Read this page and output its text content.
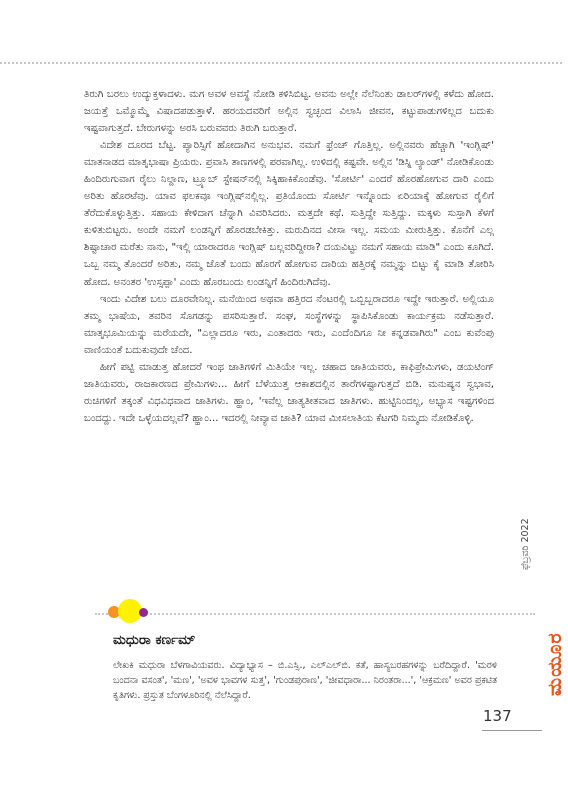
ತಿರುಗಿ ಬರಲು ಉದ್ಯುಕ್ತಳಾದಳು. ಮಗ ಅವಳ ಅವಸ್ಥೆ ನೋಡಿ ಕಳಿಸಿಬಿಟ್ಟ. ಅವನು ಅಲ್ಲೇ ನೆಲೆನಿಂತು ಡಾಲರ್‌ಗಳಲ್ಲಿ ಕಳೆದು ಹೋದ. ಜಯತ್ತೆ ಒಮ್ಮೊಮ್ಮೆ ವಿಷಾದಪಡುತ್ತಾಳೆ. ಹರಯದವರಿಗೆ ಅಲ್ಲಿನ ಸ್ವಚ್ಛಂದ ವಿಲಾಸಿ ಜೀವನ, ಕಟ್ಟುಪಾಡುಗಳಿಲ್ಲದ ಬದುಕು ಇಷ್ಟವಾಗುತ್ತದೆ. ಬೇರುಗಳನ್ನು ಅರಸಿ ಬರುವವರು ತಿರುಗಿ ಬರುತ್ತಾರೆ.

ವಿದೇಶ ದೂರದ ಬೆಟ್ಟ. ಪ್ಯಾರಿಸ್ಸಿಗೆ ಹೋದಾಗಿನ ಅನುಭವ. ನಮಗೆ ಫ್ರೆಂಚ್ ಗೊತ್ತಿಲ್ಲ. ಅಲ್ಲಿನವರು ಹೆಚ್ಚಾಗಿ 'ಇಂಗ್ಲಿಷ್' ಮಾತನಾಡದ ಮಾತೃಭಾಷಾ ಪ್ರಿಯರು. ಪ್ರವಾಸಿ ತಾಣಗಳಲ್ಲಿ ಪರವಾಗಿಲ್ಲ. ಉಳಿದಲ್ಲಿ ಕಷ್ಟವೇ. ಅಲ್ಲಿನ 'ಡಿಸ್ನಿ ಲ್ಯಾಂಡ್' ನೋಡಿಕೊಂಡು ಹಿಂದಿರುಗುವಾಗ ರೈಲು ನಿಲ್ದಾಣ, ಟ್ರ್ಯೂಬ್ ಸ್ಟೇಷನ್‌ನಲ್ಲಿ ಸಿಕ್ಕಿಹಾಕಿಕೊಂಡೆವು. 'ಸೋರ್ಟಿ' ಎಂದರೆ ಹೊರಹೋಗುವ ದಾರಿ ಎಂದು ಅರಿತು ಹೊರಟೆವು. ಯಾವ ಫಲಕವೂ ಇಂಗ್ಲಿಷ್‌ನಲ್ಲಿಲ್ಲ. ಪ್ರತಿಯೊಂದು ಸೋರ್ಟಿ ಇನ್ನೊಂದು ಏರಿಯಾಕ್ಕೆ ಹೋಗುವ ರೈಲಿಗೆ ತೆರೆದುಕೊಳ್ಳುತ್ತಿತ್ತು. ಸಹಾಯ ಕೇಳಿದಾಗ ಚೆನ್ನಾಗಿ ವಿವರಿಸಿದರು. ಮತ್ತದೇ ಕಥೆ. ಸುತ್ತಿದ್ದೇ ಸುತ್ತಿದ್ದು. ಮಕ್ಕಳು ಸುಸ್ತಾಗಿ ಕೆಳಗೆ ಕುಳಿತುಬಿಟ್ಟರು. ಅಂದೇ ನಮಗೆ ಲಂಡನ್ನಿಗೆ ಹೊರಡಬೇಕಿತ್ತು. ಮರುದಿನದ ವೀಸಾ ಇಲ್ಲ. ಸಮಯ ಮೀರುತ್ತಿತ್ತು. ಕೊನೆಗೆ ಎಲ್ಲ ಶಿಷ್ಟಾಚಾರ ಮರೆತು ನಾನು, "ಇಲ್ಲಿ ಯಾರಾದರೂ ಇಂಗ್ಲಿಷ್ ಬಲ್ಲವರಿದ್ದೀರಾ? ದಯವಿಟ್ಟು ನಮಗೆ ಸಹಾಯ ಮಾಡಿ" ಎಂದು ಕೂಗಿದೆ. ಒಬ್ಬ ನಮ್ಮ ತೊಂದರೆ ಅರಿತು, ನಮ್ಮ ಜೊತೆ ಬಂದು ಹೊರಗೆ ಹೋಗುವ ದಾರಿಯ ಹತ್ತಿರಕ್ಕೆ ನಮ್ಮನ್ನು ಬಿಟ್ಟು ಕೈ ಮಾಡಿ ತೋರಿಸಿ ಹೋದ. ಅನಂತರ 'ಉಸ್ಸಪ್ಪಾ' ಎಂದು ಹೊರಬಂದು ಲಂಡನ್ನಿಗೆ ಹಿಂದಿರುಗಿದೆವು.

ಇಂದು ವಿದೇಶ ಬಲು ದೂರವೇನಿಲ್ಲ. ಮನೆಯಿಂದ ಅಥವಾ ಹತ್ತಿರದ ನೆಂಟರಲ್ಲಿ ಒಬ್ಬಿಬ್ಬರಾದರೂ ಇದ್ದೇ ಇರುತ್ತಾರೆ. ಅಲ್ಲಿಯೂ ತಮ್ಮ ಭಾಷೆಯ, ತವರಿನ ಸೊಗಡನ್ನು ಪಸರಿಸುತ್ತಾರೆ. ಸಂಘ, ಸಂಸ್ಥೆಗಳನ್ನು ಸ್ಥಾಪಿಸಿಕೊಂಡು ಕಾರ್ಯಕ್ರಮ ನಡೆಸುತ್ತಾರೆ. ಮಾತೃಭೂಮಿಯನ್ನು ಮರೆಯದೇ, "ಎಲ್ಲಾದರೂ ಇರು, ಎಂತಾದರು ಇರು, ಎಂದೆಂದಿಗೂ ನೀ ಕನ್ನಡವಾಗಿರು" ಎಂಬ ಕುವೆಂಪು ವಾಣಿಯಂತೆ ಬದುಕುವುದೇ ಚೆಂದ.

ಹೀಗೆ ಪಟ್ಟಿ ಮಾಡುತ್ತ ಹೋದರೆ ಇಂಥ ಜಾತಿಗಳಿಗೆ ಮಿತಿಯೇ ಇಲ್ಲ. ಚಹಾದ ಜಾತಿಯವರು, ಕಾಫಿಪ್ರೇಮಿಗಳು, ಡಯಟಿಂಗ್ ಜಾತಿಯವರು, ರಾಜಕಾರಣದ ಪ್ರೇಮಿಗಳು... ಹೀಗೆ ಬೆಳೆಯುತ್ತ ಆಕಾಶದಲ್ಲಿನ ತಾರೆಗಳಷ್ಟಾಗುತ್ತದೆ ಬಿಡಿ. ಮನುಷ್ಯನ ಸ್ವಭಾವ, ರುಚಿಗಳಿಗೆ ತಕ್ಕಂತೆ ವಿಧವಿಧವಾದ ಜಾತಿಗಳು. ಹ್ಹಾಂ, 'ಇವೆಲ್ಲ ಜಾತ್ಯತೀತವಾದ ಜಾತಿಗಳು. ಹುಟ್ಟಿನಿಂದಲ್ಲ, ಅಭ್ಯಾಸ ಇಷ್ಟಗಳಿಂದ ಬಂದದ್ದು. ಇದೇ ಒಳ್ಳೆಯದಲ್ಲವೆ? ಹ್ಹಾಂ... ಇದರಲ್ಲಿ ನೀವ್ಯಾವ ಜಾತಿ? ಯಾವ ಮೀಸಲಾತಿಯ ಕೆಟಗರಿ ನಿಮ್ಮದು ನೋಡಿಕೊಳ್ಳಿ.

ಮಧುರಾ ಕರ್ಣಮ್
ಲೇಖಕಿ ಮಧುರಾ ಬೆಳಗಾವಿಯವರು. ವಿದ್ಯಾಭ್ಯಾಸ – ಬಿ.ಎಸ್ಸಿ., ಎಲ್‌ಎಲ್‌ಬಿ. ಕತೆ, ಹಾಸ್ಯಬರಹಗಳನ್ನು ಬರೆದಿದ್ದಾರೆ. 'ಮರಳಿ ಬಂದನಾ ವಸಂತ', 'ಮಣ', 'ಅವಳ ಭಾವಗಳ ಸುತ್ತ', 'ಗುಂಡಪುರಾಣ', 'ಜೀವಧಾರಾ... ನಿರಂತರಾ...', 'ಆಕ್ರಮಣ' ಅವರ ಪ್ರಕಟಿತ ಕೃತಿಗಳು. ಪ್ರಸ್ತುತ ಬೆಂಗಳೂರಿನಲ್ಲಿ ನೆಲೆಸಿದ್ದಾರೆ.
ಫೆಬ್ರವರಿ 2022
ಮಯೂರ
137
